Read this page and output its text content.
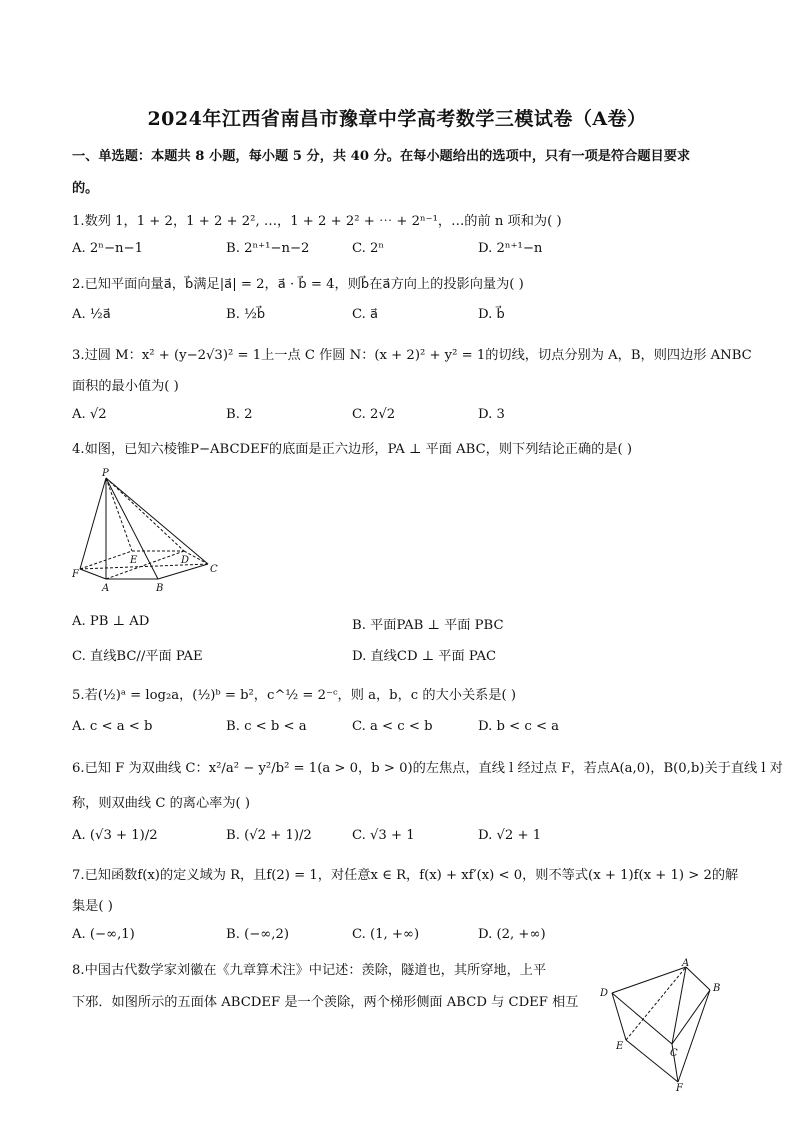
2024年江西省南昌市豫章中学高考数学三模试卷（A卷）
一、单选题：本题共 8 小题，每小题 5 分，共 40 分。在每小题给出的选项中，只有一项是符合题目要求
的。
1.数列 1，1 + 2，1 + 2 + 2², …，1 + 2 + 2² + ⋯ + 2ⁿ⁻¹，…的前 n 项和为( )
A. 2ⁿ−n−1	B. 2ⁿ⁺¹−n−2	C. 2ⁿ	D. 2ⁿ⁺¹−n
2.已知平面向量a⃗，b⃗满足|a⃗| = 2，a⃗ · b⃗ = 4，则b⃗在a⃗方向上的投影向量为( )
A. ½a⃗	B. ½b⃗	C. a⃗	D. b⃗
3.过圆 M：x² + (y−2√3)² = 1上一点 C 作圆 N：(x + 2)² + y² = 1的切线，切点分别为 A，B，则四边形 ANBC
面积的最小值为( )
A. √2	B. 2	C. 2√2	D. 3
4.如图，已知六棱锥P−ABCDEF的底面是正六边形，PA ⊥ 平面 ABC，则下列结论正确的是( )
P
F
E	D
C
A	B
A. PB ⊥ AD	B. 平面PAB ⊥ 平面 PBC
C. 直线BC//平面 PAE	D. 直线CD ⊥ 平面 PAC
5.若(½)ᵃ = log₂a，(½)ᵇ = b²，c^½ = 2⁻ᶜ，则 a，b，c 的大小关系是( )
A. c < a < b	B. c < b < a	C. a < c < b	D. b < c < a
6.已知 F 为双曲线 C：x²/a² − y²/b² = 1(a > 0，b > 0)的左焦点，直线 l 经过点 F，若点A(a,0)，B(0,b)关于直线 l 对
称，则双曲线 C 的离心率为( )
A. (√3 + 1)/2	B. (√2 + 1)/2	C. √3 + 1	D. √2 + 1
7.已知函数f(x)的定义域为 R，且f(2) = 1，对任意x ∈ R，f(x) + xf′(x) < 0，则不等式(x + 1)f(x + 1) > 2的解
集是( )
A. (−∞,1)	B. (−∞,2)	C. (1, +∞)	D. (2, +∞)
8.中国古代数学家刘徽在《九章算术注》中记述：羡除，隧道也，其所穿地，上平
下邪．如图所示的五面体 ABCDEF 是一个羡除，两个梯形侧面 ABCD 与 CDEF 相互
A
D	B
E
C
F
